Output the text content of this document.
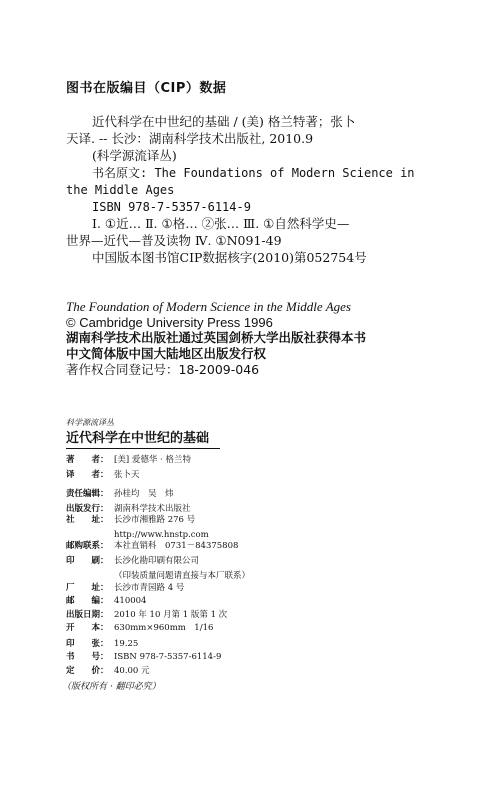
图书在版编目（CIP）数据
近代科学在中世纪的基础 / (美) 格兰特著；张卜
天译. -- 长沙：湖南科学技术出版社, 2010.9
(科学源流译丛)
书名原文: The Foundations of Modern Science in
the Middle Ages
ISBN 978-7-5357-6114-9
Ⅰ. ①近… Ⅱ. ①格… ②张… Ⅲ. ①自然科学史—
世界—近代—普及读物 Ⅳ. ①N091-49
中国版本图书馆CIP数据核字(2010)第052754号
The Foundation of Modern Science in the Middle Ages
© Cambridge University Press 1996
湖南科学技术出版社通过英国剑桥大学出版社获得本书
中文简体版中国大陆地区出版发行权
著作权合同登记号：18-2009-046
科学源流译丛
近代科学在中世纪的基础
著　　者： [美] 爱德华 · 格兰特
译　　者： 张卜天
责任编辑： 孙桂均　吴　炜
出版发行： 湖南科学技术出版社
社　　址： 长沙市湘雅路 276 号
http://www.hnstp.com
邮购联系： 本社直销科　0731－84375808
印　　刷： 长沙化勘印刷有限公司
（印装质量问题请直接与本厂联系）
厂　　址： 长沙市青园路 4 号
邮　　编： 410004
出版日期： 2010 年 10 月第 1 版第 1 次
开　　本： 630mm×960mm　1/16
印　　张： 19.25
书　　号： ISBN 978-7-5357-6114-9
定　　价： 40.00 元
（版权所有 · 翻印必究）
